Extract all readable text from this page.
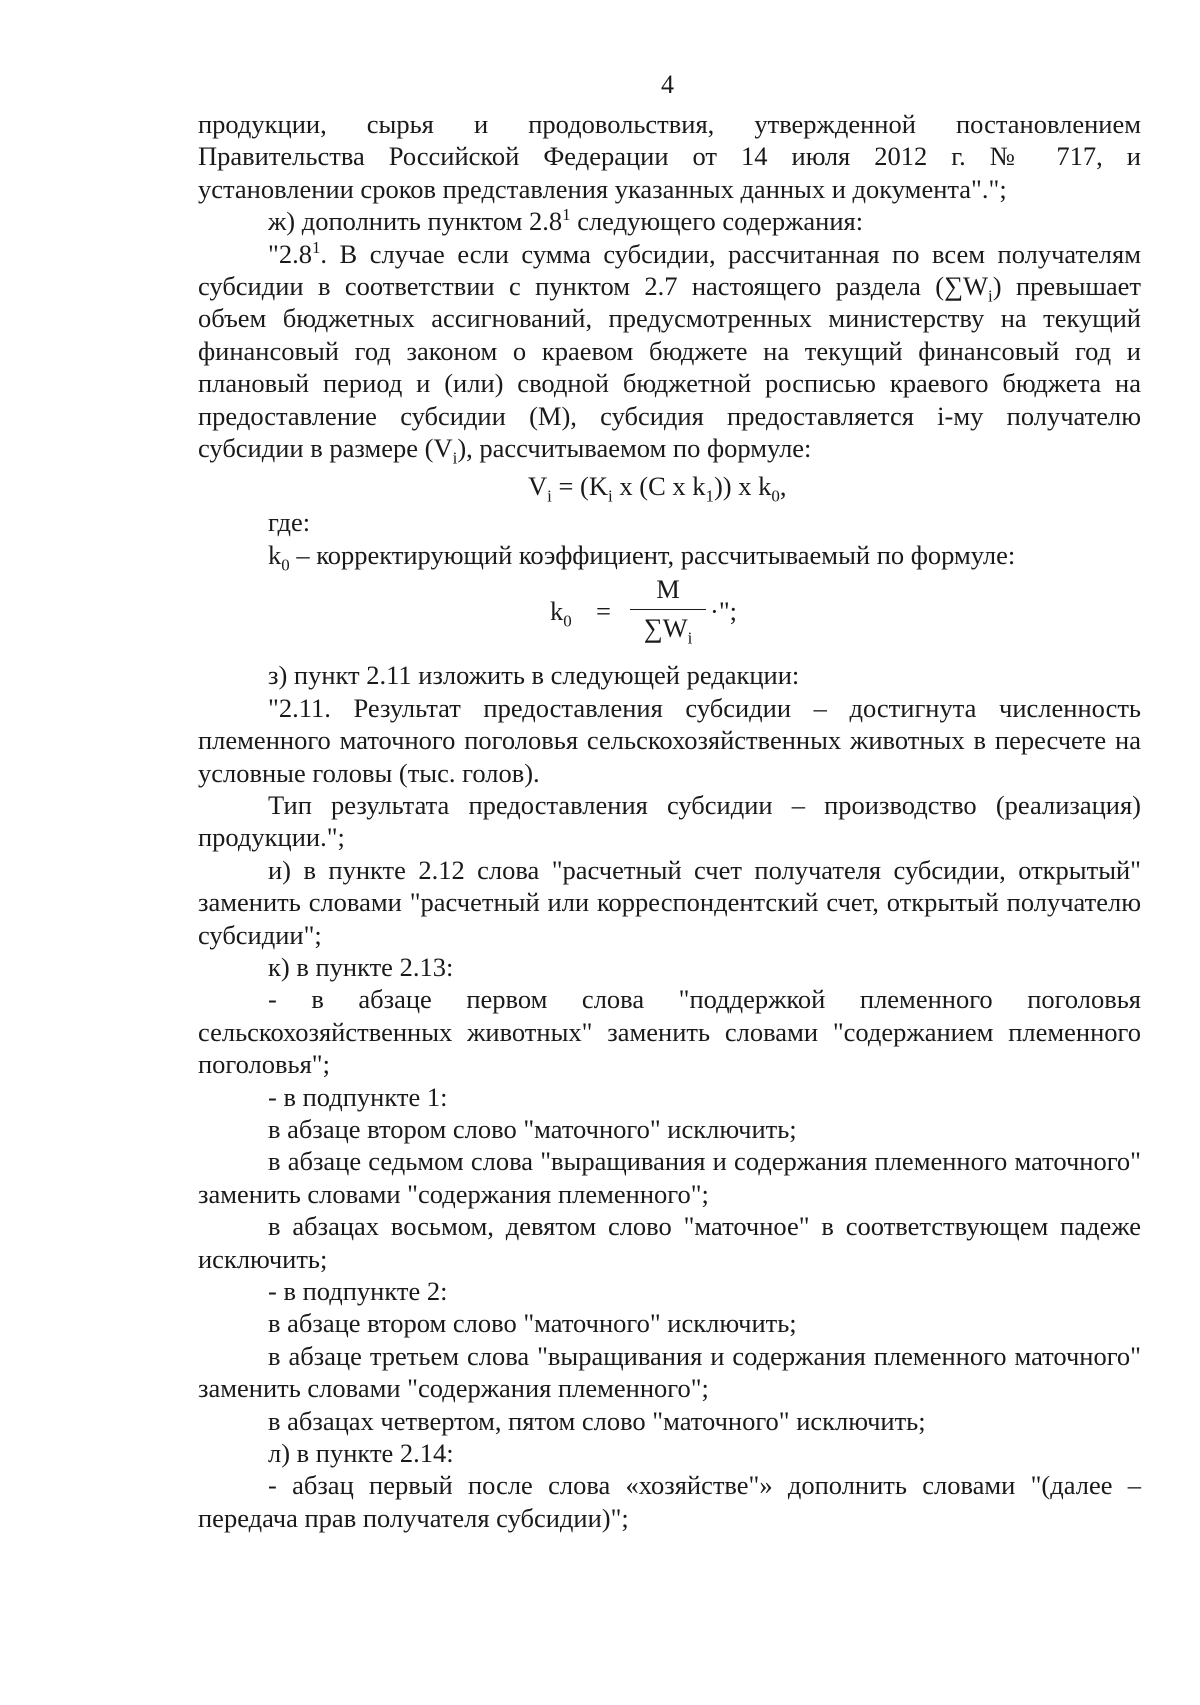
4

продукции, сырья и продовольствия, утвержденной постановлением

Правительства Российской Федерации от 14 июля 2012 г. № 717, и

установлении сроков представления указанных данных и документа".";

ж) дополнить пунктом $2.8^1$ следующего содержания:

"$2.8^1$. В случае если сумма субсидии, рассчитанная по всем получателям субсидии в соответствии с пунктом 2.7 настоящего раздела $(\sum W_i)$ превышает объем бюджетных ассигнований, предусмотренных министерству на текущий финансовый год законом о краевом бюджете на текущий финансовый год и плановый период и (или) сводной бюджетной росписью краевого бюджета на предоставление субсидии (M), субсидия предоставляется i-му получателю субсидии в размере $(V_i)$, рассчитываемом по формуле:

$V_i = (K_i$ x (C x $k_1$)) x $k_0$,

где:

$k_0$ – корректирующий коэффициент, рассчитываемый по формуле:

$k_0$ =
M
$\sum W_i$
·";

з) пункт 2.11 изложить в следующей редакции:

"2.11. Результат предоставления субсидии – достигнута численность племенного маточного поголовья сельскохозяйственных животных в пересчете на условные головы (тыс. голов).

Тип результата предоставления субсидии – производство (реализация) продукции.";

и) в пункте 2.12 слова "расчетный счет получателя субсидии, открытый" заменить словами "расчетный или корреспондентский счет, открытый получателю субсидии";

к) в пункте 2.13:

- в абзаце первом слова "поддержкой племенного поголовья сельскохозяйственных животных" заменить словами "содержанием племенного поголовья";

- в подпункте 1:

в абзаце втором слово "маточного" исключить;

в абзаце седьмом слова "выращивания и содержания племенного маточного" заменить словами "содержания племенного";

в абзацах восьмом, девятом слово "маточное" в соответствующем падеже исключить;

- в подпункте 2:

в абзаце втором слово "маточного" исключить;

в абзаце третьем слова "выращивания и содержания племенного маточного" заменить словами "содержания племенного";

в абзацах четвертом, пятом слово "маточного" исключить;

л) в пункте 2.14:

- абзац первый после слова «хозяйстве"» дополнить словами "(далее – передача прав получателя субсидии)";
